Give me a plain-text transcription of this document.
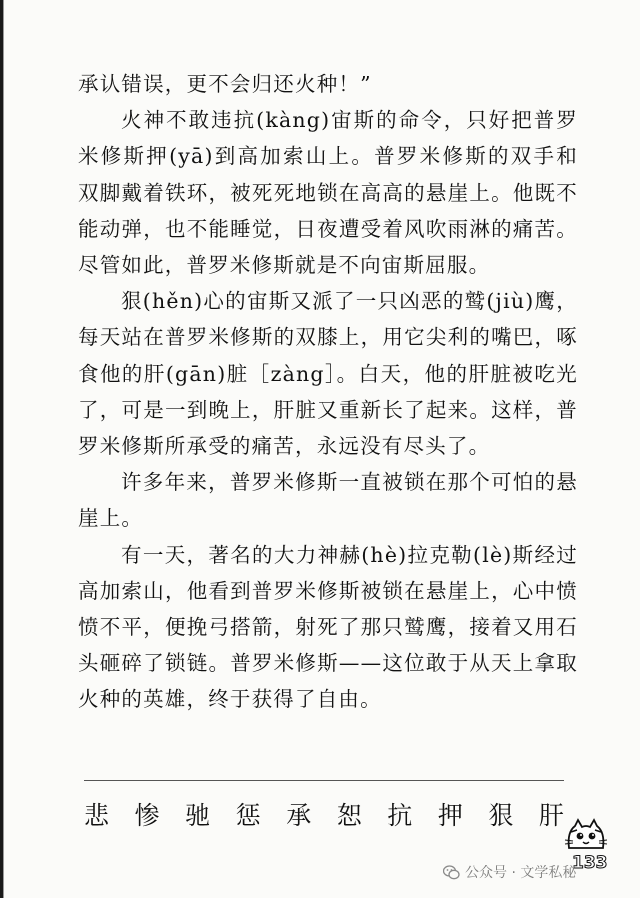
承认错误，更不会归还火种！”

火神不敢违抗(kàng)宙斯的命令，只好把普罗米修斯押(yā)到高加索山上。普罗米修斯的双手和双脚戴着铁环，被死死地锁在高高的悬崖上。他既不能动弹，也不能睡觉，日夜遭受着风吹雨淋的痛苦。尽管如此，普罗米修斯就是不向宙斯屈服。

狠(hěn)心的宙斯又派了一只凶恶的鹫(jiù)鹰，每天站在普罗米修斯的双膝上，用它尖利的嘴巴，啄食他的肝(gān)脏［zàng］。白天，他的肝脏被吃光了，可是一到晚上，肝脏又重新长了起来。这样，普罗米修斯所承受的痛苦，永远没有尽头了。

许多年来，普罗米修斯一直被锁在那个可怕的悬崖上。

有一天，著名的大力神赫(hè)拉克勒(lè)斯经过高加索山，他看到普罗米修斯被锁在悬崖上，心中愤愤不平，便挽弓搭箭，射死了那只鹫鹰，接着又用石头砸碎了锁链。普罗米修斯——这位敢于从天上拿取火种的英雄，终于获得了自由。

悲 惨 驰 惩 承 恕 抗 押 狠 肝
133
公众号 · 文学私秘
